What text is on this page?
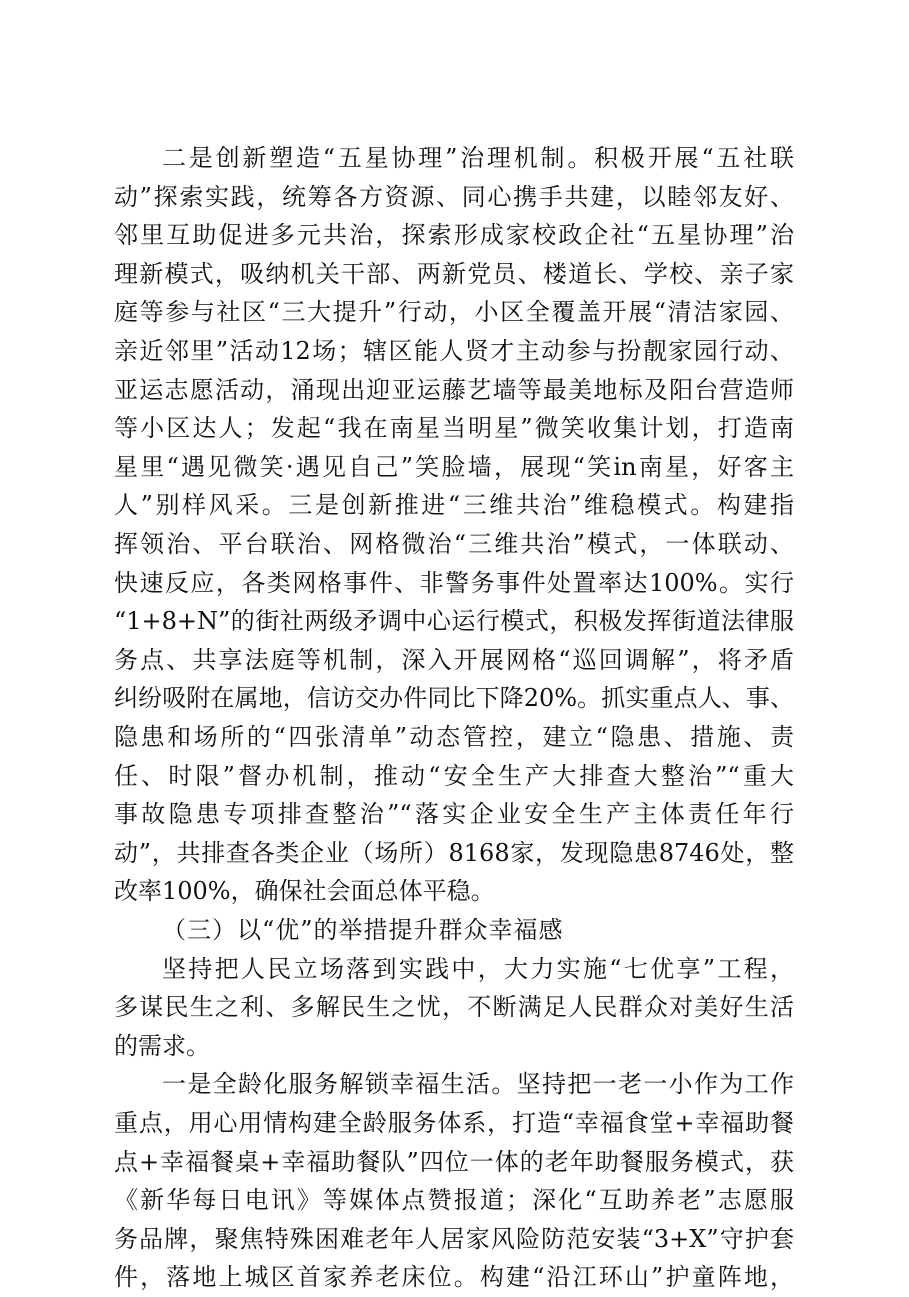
二是创新塑造“五星协理”治理机制。积极开展“五社联
动”探索实践，统筹各方资源、同心携手共建，以睦邻友好、
邻里互助促进多元共治，探索形成家校政企社“五星协理”治
理新模式，吸纳机关干部、两新党员、楼道长、学校、亲子家
庭等参与社区“三大提升”行动，小区全覆盖开展“清洁家园、
亲近邻里”活动12场；辖区能人贤才主动参与扮靓家园行动、
亚运志愿活动，涌现出迎亚运藤艺墙等最美地标及阳台营造师
等小区达人；发起“我在南星当明星”微笑收集计划，打造南
星里“遇见微笑·遇见自己”笑脸墙，展现“笑in南星，好客主
人”别样风采。三是创新推进“三维共治”维稳模式。构建指
挥领治、平台联治、网格微治“三维共治”模式，一体联动、
快速反应，各类网格事件、非警务事件处置率达100%。实行
“1+8+N”的街社两级矛调中心运行模式，积极发挥街道法律服
务点、共享法庭等机制，深入开展网格“巡回调解”，将矛盾
纠纷吸附在属地，信访交办件同比下降20%。抓实重点人、事、
隐患和场所的“四张清单”动态管控，建立“隐患、措施、责
任、时限”督办机制，推动“安全生产大排查大整治”“重大
事故隐患专项排查整治”“落实企业安全生产主体责任年行
动”，共排查各类企业（场所）8168家，发现隐患8746处，整
改率100%，确保社会面总体平稳。
（三）以“优”的举措提升群众幸福感
坚持把人民立场落到实践中，大力实施“七优享”工程，
多谋民生之利、多解民生之忧，不断满足人民群众对美好生活
的需求。
一是全龄化服务解锁幸福生活。坚持把一老一小作为工作
重点，用心用情构建全龄服务体系，打造“幸福食堂+幸福助餐
点+幸福餐桌+幸福助餐队”四位一体的老年助餐服务模式，获
《新华每日电讯》等媒体点赞报道；深化“互助养老”志愿服
务品牌，聚焦特殊困难老年人居家风险防范安装“3+X”守护套
件，落地上城区首家养老床位。构建“沿江环山”护童阵地，
